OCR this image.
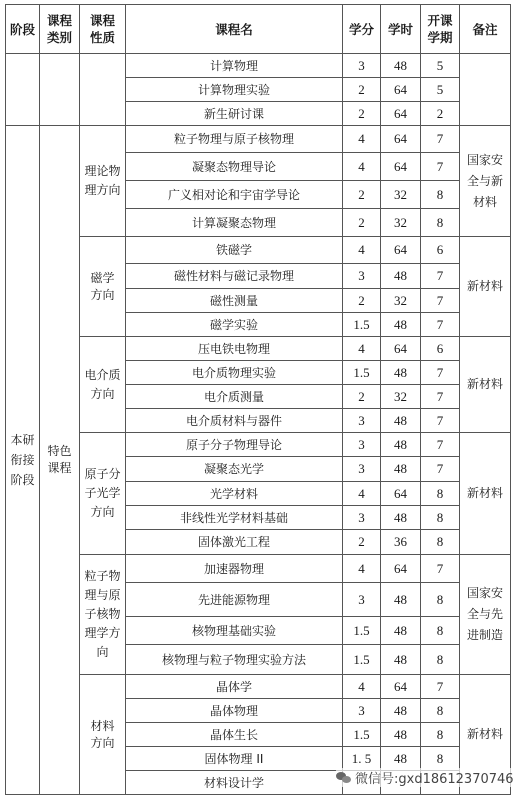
阶段	课程类别	课程性质	课程名	学分	学时	开课学期	备注
			计算物理	3	48	5	
			计算物理实验	2	64	5	
			新生研讨课	2	64	2	
本研衔接阶段	特色课程	理论物理方向	粒子物理与原子核物理	4	64	7	国家安全与新材料
			凝聚态物理导论	4	64	7	
			广义相对论和宇宙学导论	2	32	8	
			计算凝聚态物理	2	32	8	
		磁学方向	铁磁学	4	64	6	新材料
			磁性材料与磁记录物理	3	48	7	
			磁性测量	2	32	7	
			磁学实验	1.5	48	7	
		电介质方向	压电铁电物理	4	64	6	新材料
			电介质物理实验	1.5	48	7	
			电介质测量	2	32	7	
			电介质材料与器件	3	48	7	
		原子分子光学方向	原子分子物理导论	3	48	7	新材料
			凝聚态光学	3	48	7	
			光学材料	4	64	8	
			非线性光学材料基础	3	48	8	
			固体激光工程	2	36	8	
		粒子物理与原子核物理学方向	加速器物理	4	64	7	国家安全与先进制造
			先进能源物理	3	48	8	
			核物理基础实验	1.5	48	8	
			核物理与粒子物理实验方法	1.5	48	8	
		材料方向	晶体学	4	64	7	新材料
			晶体物理	3	48	8	
			晶体生长	1.5	48	8	
			固体物理 II	1. 5	48	8	
			材料设计学					微信号:gxd18612370746
